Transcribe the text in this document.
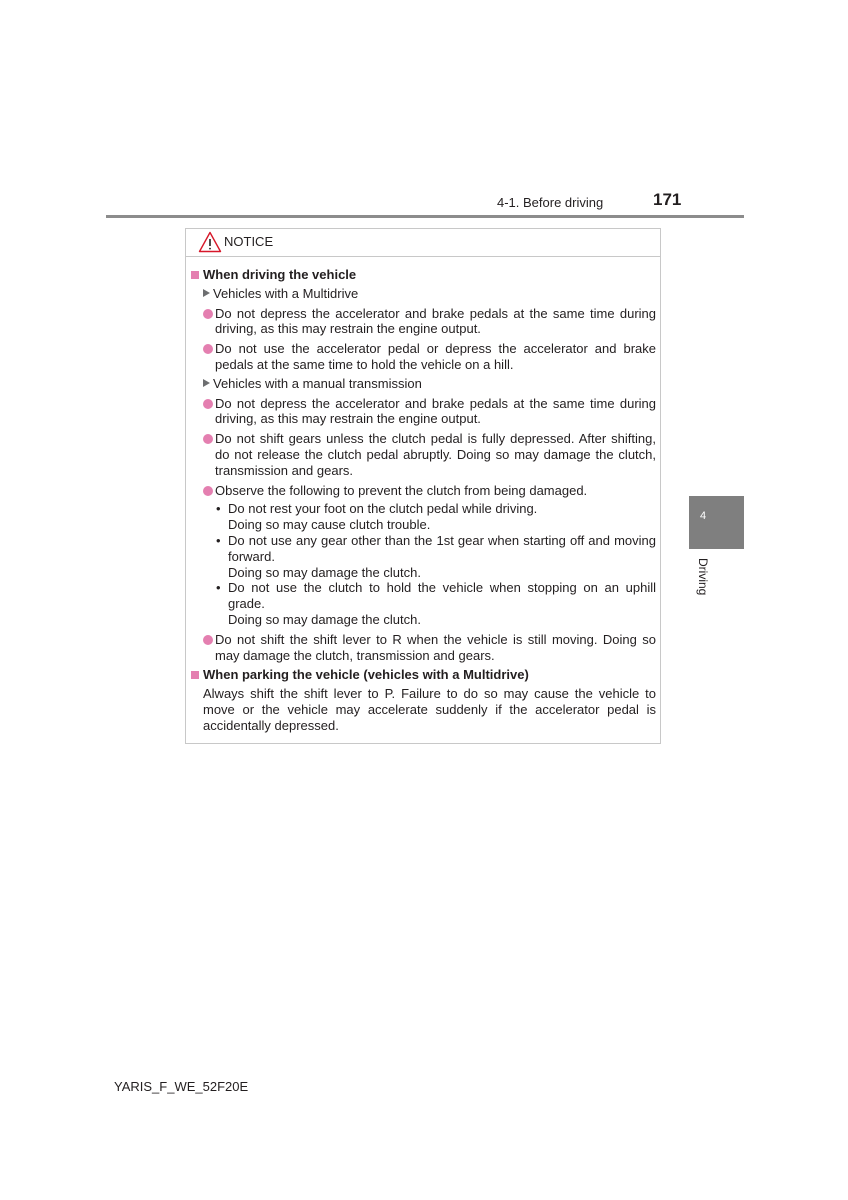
4-1. Before driving	171
4
Driving
NOTICE
When driving the vehicle
Vehicles with a Multidrive
Do not depress the accelerator and brake pedals at the same time during driving, as this may restrain the engine output.
Do not use the accelerator pedal or depress the accelerator and brake pedals at the same time to hold the vehicle on a hill.
Vehicles with a manual transmission
Do not depress the accelerator and brake pedals at the same time during driving, as this may restrain the engine output.
Do not shift gears unless the clutch pedal is fully depressed. After shifting, do not release the clutch pedal abruptly. Doing so may damage the clutch, transmission and gears.
Observe the following to prevent the clutch from being damaged.
• Do not rest your foot on the clutch pedal while driving.
Doing so may cause clutch trouble.
• Do not use any gear other than the 1st gear when starting off and moving forward.
Doing so may damage the clutch.
• Do not use the clutch to hold the vehicle when stopping on an uphill grade.
Doing so may damage the clutch.
Do not shift the shift lever to R when the vehicle is still moving. Doing so may damage the clutch, transmission and gears.
When parking the vehicle (vehicles with a Multidrive)
Always shift the shift lever to P. Failure to do so may cause the vehicle to move or the vehicle may accelerate suddenly if the accelerator pedal is accidentally depressed.
YARIS_F_WE_52F20E
